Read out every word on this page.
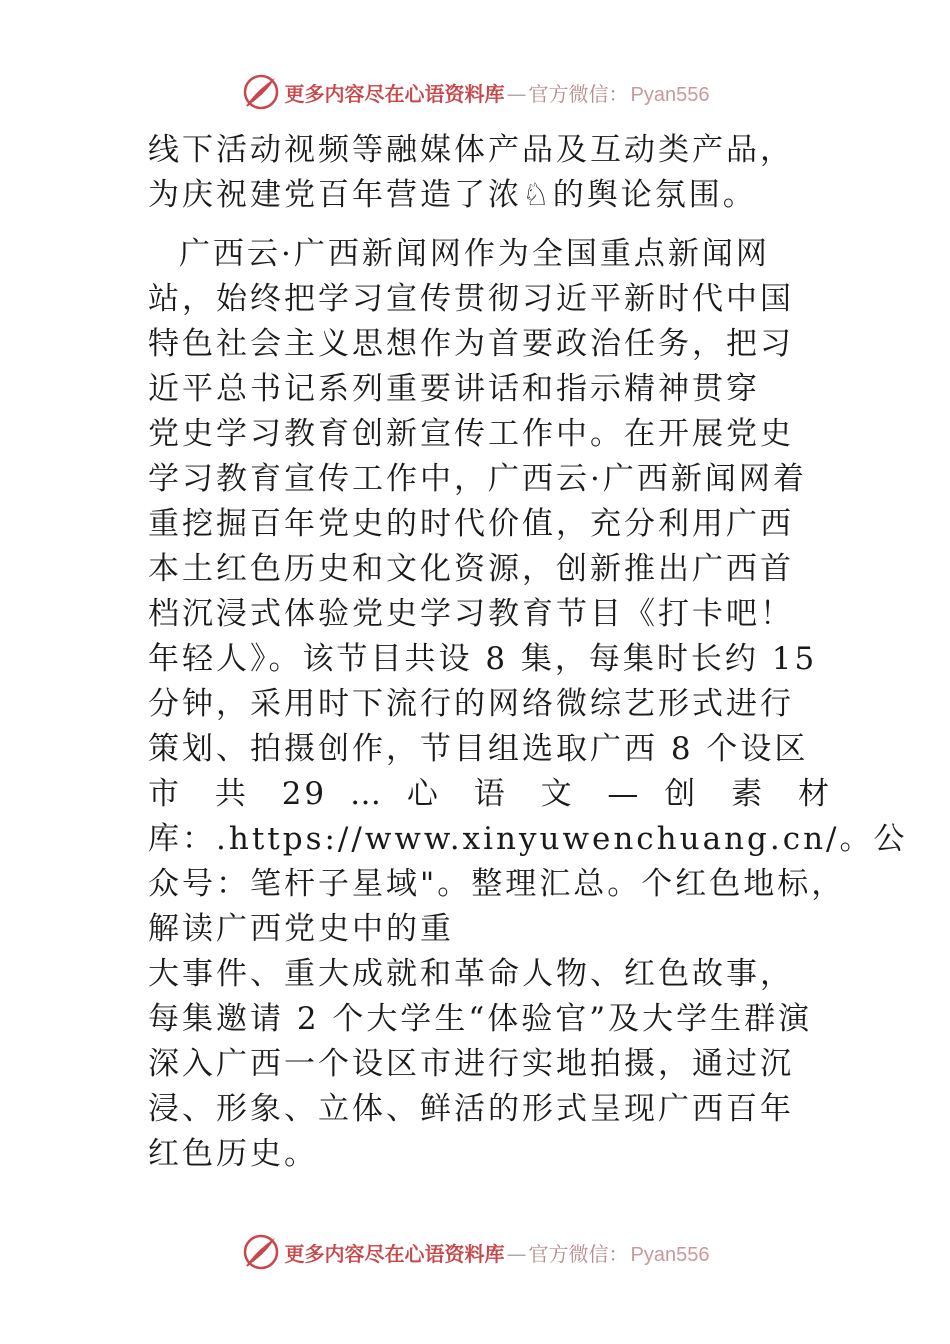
更多内容尽在心语资料库 — 官方微信： Pyan556
线下活动视频等融媒体产品及互动类产品，
为庆祝建党百年营造了浓♘的舆论氛围。
广西云·广西新闻网作为全国重点新闻网
站，始终把学习宣传贯彻习近平新时代中国
特色社会主义思想作为首要政治任务，把习
近平总书记系列重要讲话和指示精神贯穿
党史学习教育创新宣传工作中。在开展党史
学习教育宣传工作中，广西云·广西新闻网着
重挖掘百年党史的时代价值，充分利用广西
本土红色历史和文化资源，创新推出广西首
档沉浸式体验党史学习教育节目《打卡吧！
年轻人》。该节目共设 8 集，每集时长约 15
分钟，采用时下流行的网络微综艺形式进行
策划、拍摄创作，节目组选取广西 8 个设区
市 共 29 … 心 语 文 — 创 素 材
库：.https://www.xinyuwenchuang.cn/。公
众号：笔杆子星域"。整理汇总。个红色地标，
解读广西党史中的重
大事件、重大成就和革命人物、红色故事，
每集邀请 2 个大学生“体验官”及大学生群演
深入广西一个设区市进行实地拍摄，通过沉
浸、形象、立体、鲜活的形式呈现广西百年
红色历史。
更多内容尽在心语资料库 — 官方微信： Pyan556
